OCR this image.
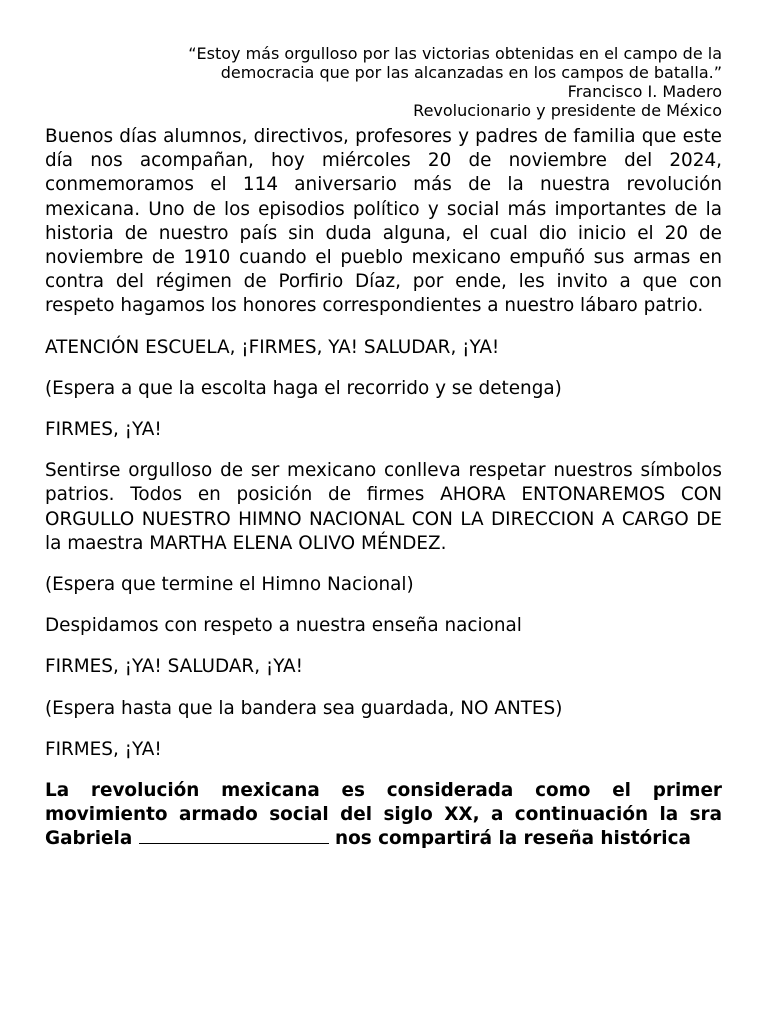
“Estoy más orgulloso por las victorias obtenidas en el campo de la

democracia que por las alcanzadas en los campos de batalla.”

Francisco I. Madero

Revolucionario y presidente de México

Buenos días alumnos, directivos, profesores y padres de familia que este día nos acompañan, hoy miércoles 20 de noviembre del 2024, conmemoramos el 114 aniversario más de la nuestra revolución mexicana. Uno de los episodios político y social más importantes de la historia de nuestro país sin duda alguna, el cual dio inicio el 20 de noviembre de 1910 cuando el pueblo mexicano empuñó sus armas en contra del régimen de Porfirio Díaz, por ende, les invito a que con respeto hagamos los honores correspondientes a nuestro lábaro patrio.

ATENCIÓN ESCUELA, ¡FIRMES, YA! SALUDAR, ¡YA!

(Espera a que la escolta haga el recorrido y se detenga)

FIRMES, ¡YA!

Sentirse orgulloso de ser mexicano conlleva respetar nuestros símbolos patrios. Todos en posición de firmes AHORA ENTONAREMOS CON ORGULLO NUESTRO HIMNO NACIONAL CON LA DIRECCION A CARGO DE la maestra MARTHA ELENA OLIVO MÉNDEZ.

(Espera que termine el Himno Nacional)

Despidamos con respeto a nuestra enseña nacional

FIRMES, ¡YA! SALUDAR, ¡YA!

(Espera hasta que la bandera sea guardada, NO ANTES)

FIRMES, ¡YA!

La revolución mexicana es considerada como el primer movimiento armado social del siglo XX, a continuación la sra Gabriela	nos compartirá la reseña histórica
